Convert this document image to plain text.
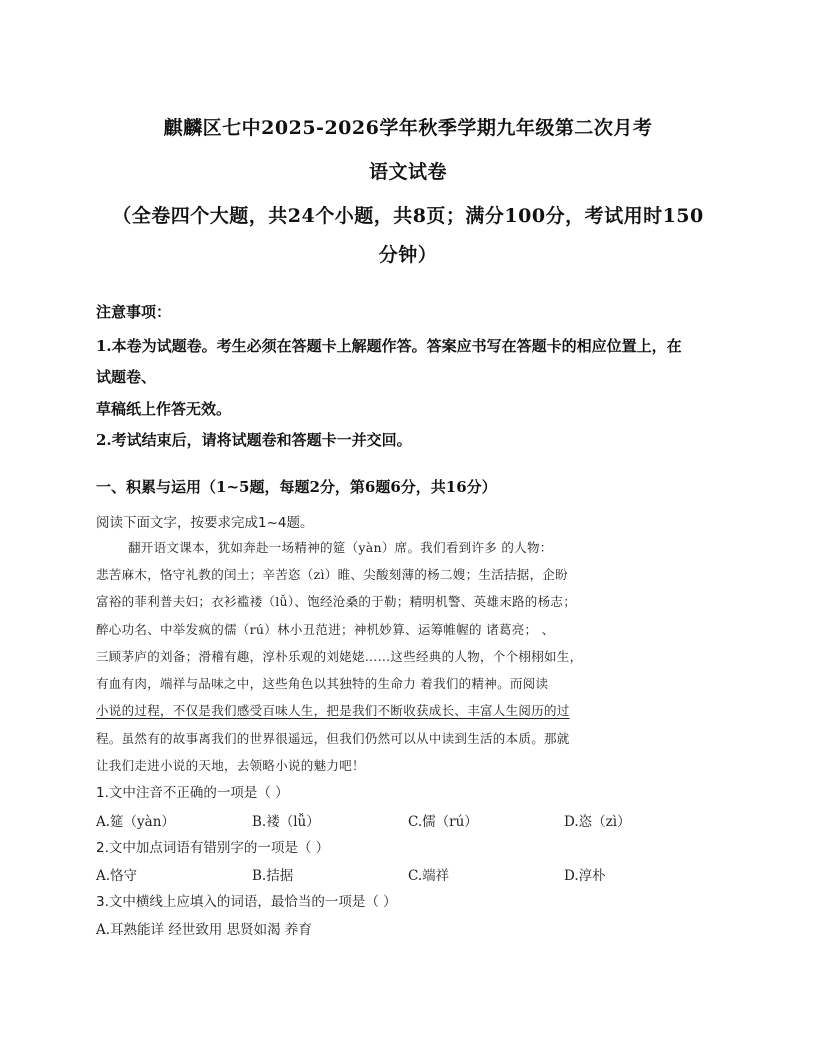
麒麟区七中2025-2026学年秋季学期九年级第二次月考
语文试卷
（全卷四个大题，共24个小题，共8页；满分100分，考试用时150
分钟）
注意事项：
1.本卷为试题卷。考生必须在答题卡上解题作答。答案应书写在答题卡的相应位置上，在
试题卷、
草稿纸上作答无效。
2.考试结束后，请将试题卷和答题卡一并交回。
一、积累与运用（1~5题，每题2分，第6题6分，共16分）
阅读下面文字，按要求完成1~4题。
翻开语文课本，犹如奔赴一场精神的筵（yàn）席。我们看到许多 的人物：
悲苦麻木，恪守礼教的闰土；辛苦恣（zì）睢、尖酸刻薄的杨二嫂；生活拮据，企盼
富裕的菲利普夫妇；衣衫褴褛（lǚ）、饱经沧桑的于勒；精明机警、英雄末路的杨志；
醉心功名、中举发疯的儒（rú）林小丑范进；神机妙算、运筹帷幄的 诸葛亮； 、
三顾茅庐的刘备；滑稽有趣，淳朴乐观的刘姥姥……这些经典的人物，个个栩栩如生，
有血有肉，端祥与品味之中，这些角色以其独特的生命力 着我们的精神。而阅读
小说的过程，不仅是我们感受百味人生，把是我们不断收获成长、丰富人生阅历的过
程。虽然有的故事离我们的世界很遥远，但我们仍然可以从中读到生活的本质。那就
让我们走进小说的天地，去领略小说的魅力吧！
1.文中注音不正确的一项是（ ）
A.筵（yàn）	B.褛（lǚ）	C.儒（rú）	D.恣（zì）
2.文中加点词语有错别字的一项是（ ）
A.恪守	B.拮据	C.端祥	D.淳朴
3.文中横线上应填入的词语，最恰当的一项是（ ）
A.耳熟能详 经世致用 思贤如渴 养育
